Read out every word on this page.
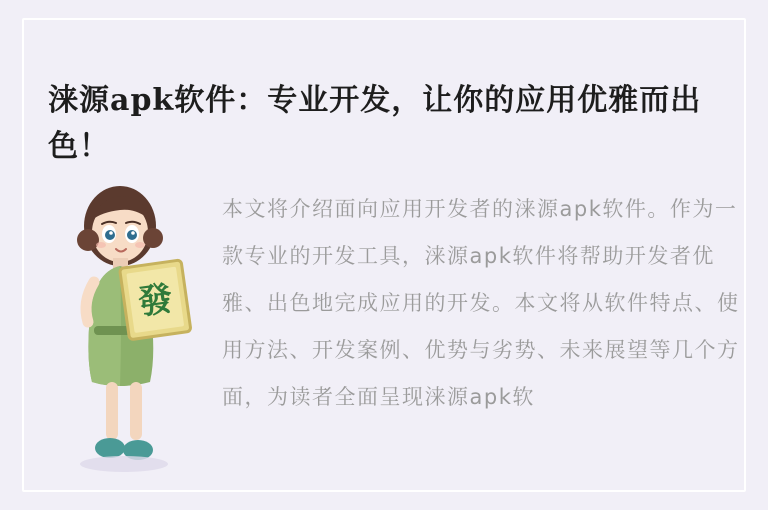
涞源apk软件：专业开发，让你的应用优雅而出色！
發
本文将介绍面向应用开发者的涞源apk软件。作为一款专业的开发工具，涞源apk软件将帮助开发者优雅、出色地完成应用的开发。本文将从软件特点、使用方法、开发案例、优势与劣势、未来展望等几个方面，为读者全面呈现涞源apk软
